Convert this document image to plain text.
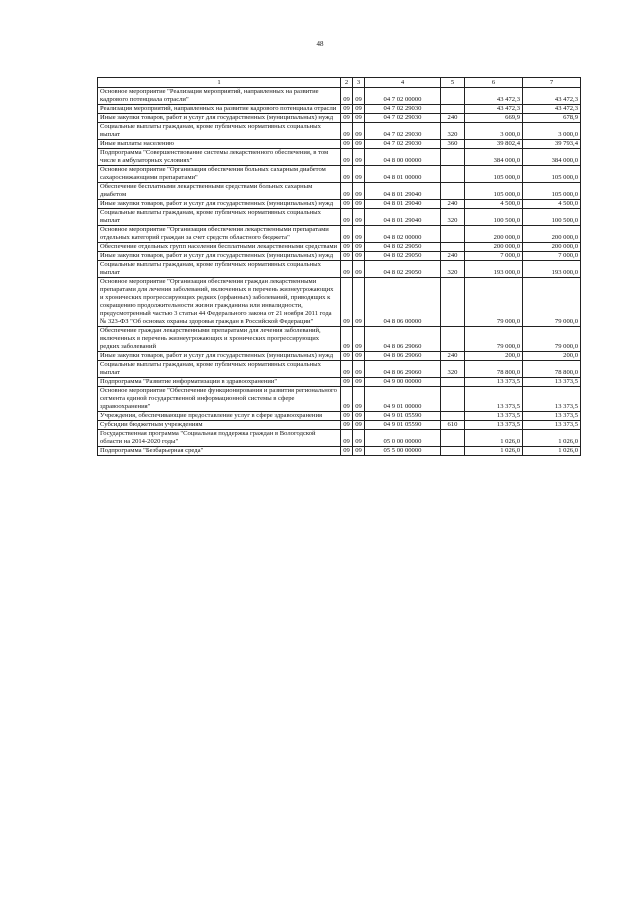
48
1	2	3	4	5	6	7
Основное мероприятие "Реализация мероприятий, направленных на развитие кадрового потенциала отрасли"	09	09	04 7 02 00000		43 472,3	43 472,3
Реализация мероприятий, направленных на развитие кадрового потенциала отрасли	09	09	04 7 02 29030		43 472,3	43 472,3
Иные закупки товаров, работ и услуг для государственных (муниципальных) нужд	09	09	04 7 02 29030	240	669,9	678,9
Социальные выплаты гражданам, кроме публичных нормативных социальных выплат	09	09	04 7 02 29030	320	3 000,0	3 000,0
Иные выплаты населению	09	09	04 7 02 29030	360	39 802,4	39 793,4
Подпрограмма "Совершенствование системы лекарственного обеспечения, в том числе в амбулаторных условиях"	09	09	04 8 00 00000		384 000,0	384 000,0
Основное мероприятие "Организация обеспечения больных сахарным диабетом сахароснижающими препаратами"	09	09	04 8 01 00000		105 000,0	105 000,0
Обеспечение бесплатными лекарственными средствами больных сахарным диабетом	09	09	04 8 01 29040		105 000,0	105 000,0
Иные закупки товаров, работ и услуг для государственных (муниципальных) нужд	09	09	04 8 01 29040	240	4 500,0	4 500,0
Социальные выплаты гражданам, кроме публичных нормативных социальных выплат	09	09	04 8 01 29040	320	100 500,0	100 500,0
Основное мероприятие "Организация обеспечения лекарственными препаратами отдельных категорий граждан за счет средств областного бюджета"	09	09	04 8 02 00000		200 000,0	200 000,0
Обеспечение отдельных групп населения бесплатными лекарственными средствами	09	09	04 8 02 29050		200 000,0	200 000,0
Иные закупки товаров, работ и услуг для государственных (муниципальных) нужд	09	09	04 8 02 29050	240	7 000,0	7 000,0
Социальные выплаты гражданам, кроме публичных нормативных социальных выплат	09	09	04 8 02 29050	320	193 000,0	193 000,0
Основное мероприятие "Организация обеспечения граждан лекарственными препаратами для лечения заболеваний, включенных в перечень жизнеугрожающих и хронических прогрессирующих редких (орфанных) заболеваний, приводящих к сокращению продолжительности жизни гражданина или инвалидности, предусмотренный частью 3 статьи 44 Федерального закона от 21 ноября 2011 года № 323-ФЗ "Об основах охраны здоровья граждан в Российской Федерации"	09	09	04 8 06 00000		79 000,0	79 000,0
Обеспечение граждан лекарственными препаратами для лечения заболеваний, включенных в перечень жизнеугрожающих и хронических прогрессирующих редких заболеваний	09	09	04 8 06 29060		79 000,0	79 000,0
Иные закупки товаров, работ и услуг для государственных (муниципальных) нужд	09	09	04 8 06 29060	240	200,0	200,0
Социальные выплаты гражданам, кроме публичных нормативных социальных выплат	09	09	04 8 06 29060	320	78 800,0	78 800,0
Подпрограмма "Развитие информатизации в здравоохранении"	09	09	04 9 00 00000		13 373,5	13 373,5
Основное мероприятие "Обеспечение функционирования и развития регионального сегмента единой государственной информационной системы в сфере здравоохранения"	09	09	04 9 01 00000		13 373,5	13 373,5
Учреждения, обеспечивающие предоставление услуг в сфере здравоохранения	09	09	04 9 01 05590		13 373,5	13 373,5
Субсидии бюджетным учреждениям	09	09	04 9 01 05590	610	13 373,5	13 373,5
Государственная программа "Социальная поддержка граждан в Вологодской области на 2014-2020 годы"	09	09	05 0 00 00000		1 026,0	1 026,0
Подпрограмма "Безбарьерная среда"	09	09	05 5 00 00000		1 026,0	1 026,0
